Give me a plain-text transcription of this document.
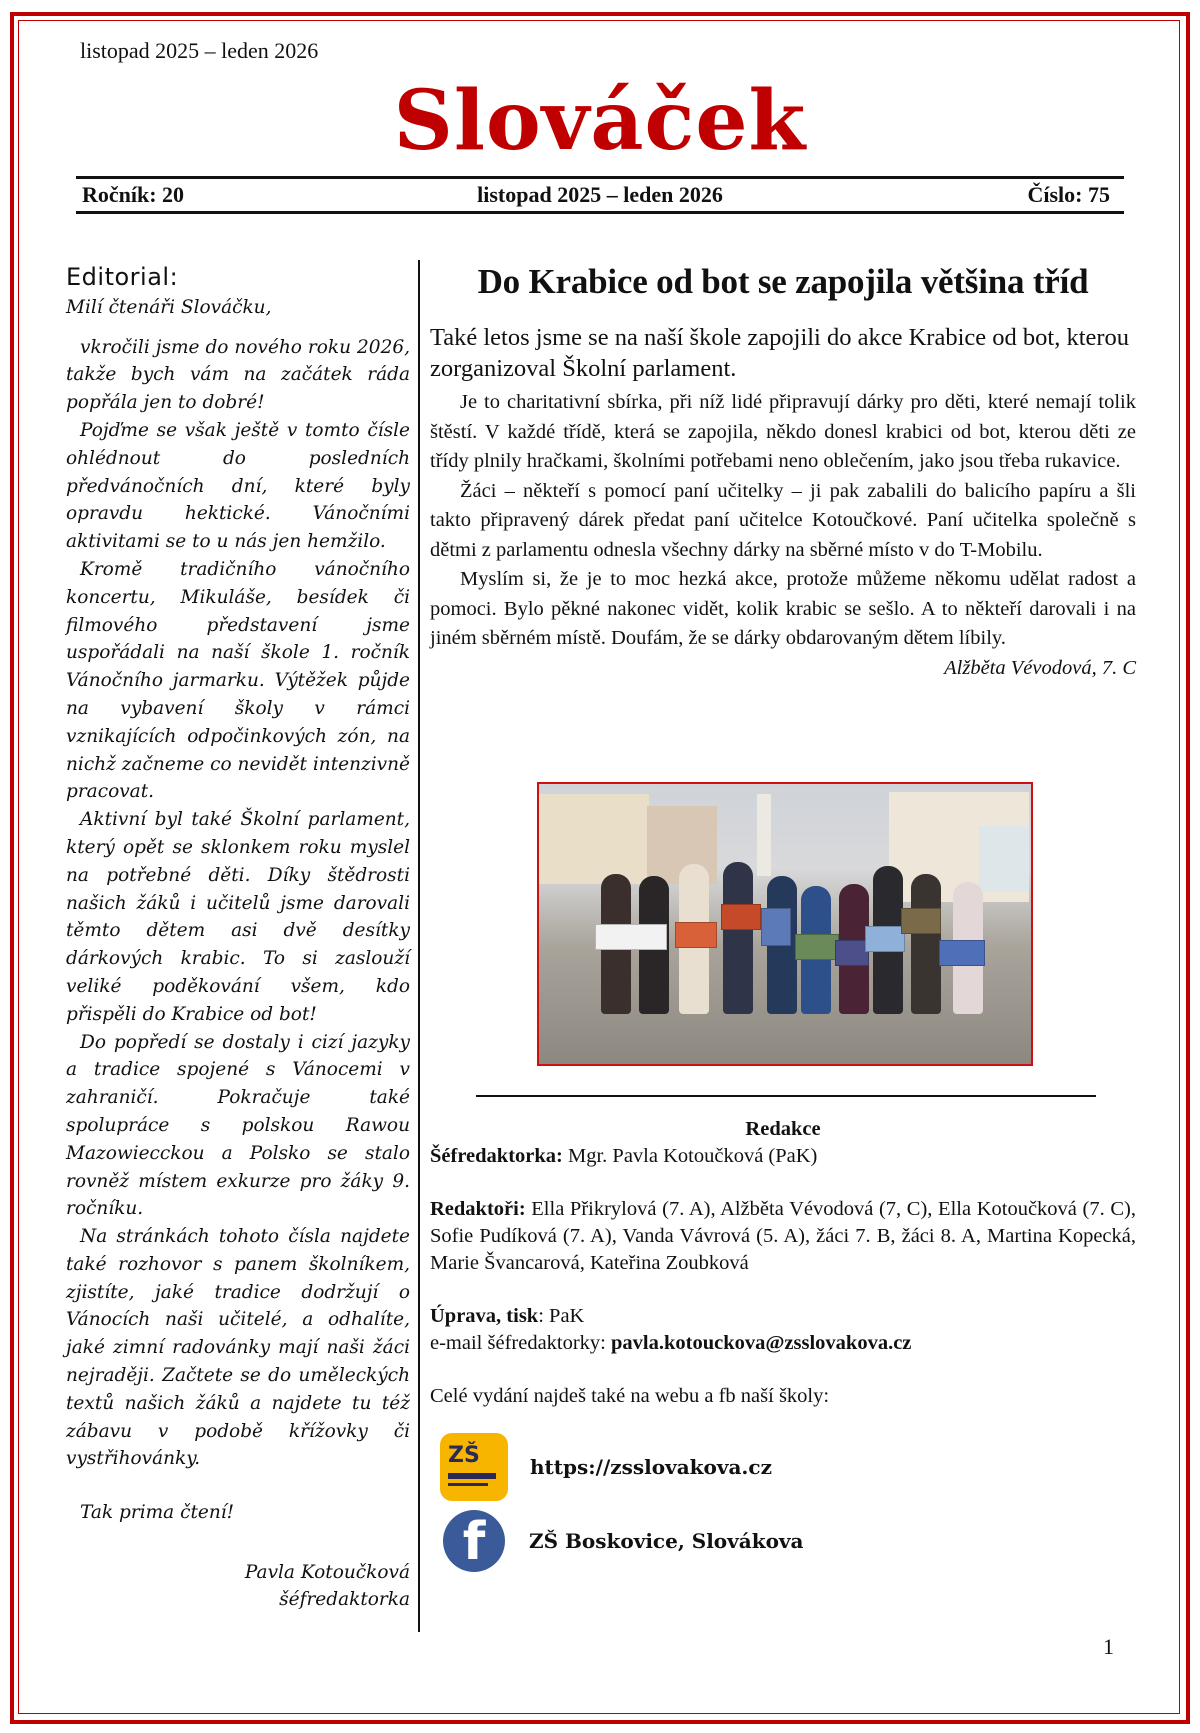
listopad 2025 – leden 2026
Slováček
Ročník: 20	listopad 2025 – leden 2026	Číslo: 75
Editorial:
Milí čtenáři Slováčku,

vkročili jsme do nového roku 2026, takže bych vám na začátek ráda popřála jen to dobré!

Pojďme se však ještě v tomto čísle ohlédnout do posledních předvánočních dní, které byly opravdu hektické. Vánočními aktivitami se to u nás jen hemžilo.

Kromě tradičního vánočního koncertu, Mikuláše, besídek či filmového představení jsme uspořádali na naší škole 1. ročník Vánočního jarmarku. Výtěžek půjde na vybavení školy v rámci vznikajících odpočinkových zón, na nichž začneme co nevidět intenzivně pracovat.

Aktivní byl také Školní parlament, který opět se sklonkem roku myslel na potřebné děti. Díky štědrosti našich žáků i učitelů jsme darovali těmto dětem asi dvě desítky dárkových krabic. To si zaslouží veliké poděkování všem, kdo přispěli do Krabice od bot!

Do popředí se dostaly i cizí jazyky a tradice spojené s Vánocemi v zahraničí. Pokračuje také spolupráce s polskou Rawou Mazowiecckou a Polsko se stalo rovněž místem exkurze pro žáky 9. ročníku.

Na stránkách tohoto čísla najdete také rozhovor s panem školníkem, zjistíte, jaké tradice dodržují o Vánocích naši učitelé, a odhalíte, jaké zimní radovánky mají naši žáci nejraději. Začtete se do uměleckých textů našich žáků a najdete tu též zábavu v podobě křížovky či vystřihovánky.

Tak prima čtení!
Pavla Kotoučková
šéfredaktorka
Do Krabice od bot se zapojila většina tříd
Také letos jsme se na naší škole zapojili do akce Krabice od bot, kterou zorganizoval Školní parlament.

Je to charitativní sbírka, při níž lidé připravují dárky pro děti, které nemají tolik štěstí. V každé třídě, která se zapojila, někdo donesl krabici od bot, kterou děti ze třídy plnily hračkami, školními potřebami neno oblečením, jako jsou třeba rukavice.

Žáci – někteří s pomocí paní učitelky – ji pak zabalili do balicího papíru a šli takto připravený dárek předat paní učitelce Kotoučkové. Paní učitelka společně s dětmi z parlamentu odnesla všechny dárky na sběrné místo v do T-Mobilu.

Myslím si, že je to moc hezká akce, protože můžeme někomu udělat radost a pomoci. Bylo pěkné nakonec vidět, kolik krabic se sešlo. A to někteří darovali i na jiném sběrném místě. Doufám, že se dárky obdarovaným dětem líbily.
Alžběta Vévodová, 7. C

Redakce
Šéfredaktorka: Mgr. Pavla Kotoučková (PaK)
Redaktoři: Ella Přikrylová (7. A), Alžběta Vévodová (7, C), Ella Kotoučková (7. C), Sofie Pudíková (7. A), Vanda Vávrová (5. A), žáci 7. B, žáci 8. A, Martina Kopecká, Marie Švancarová, Kateřina Zoubková
Úprava, tisk: PaK
e-mail šéfredaktorky: pavla.kotouckova@zsslovakova.cz
Celé vydání najdeš také na webu a fb naší školy:
ZŠ	https://zsslovakova.cz
f	ZŠ Boskovice, Slovákova
1
